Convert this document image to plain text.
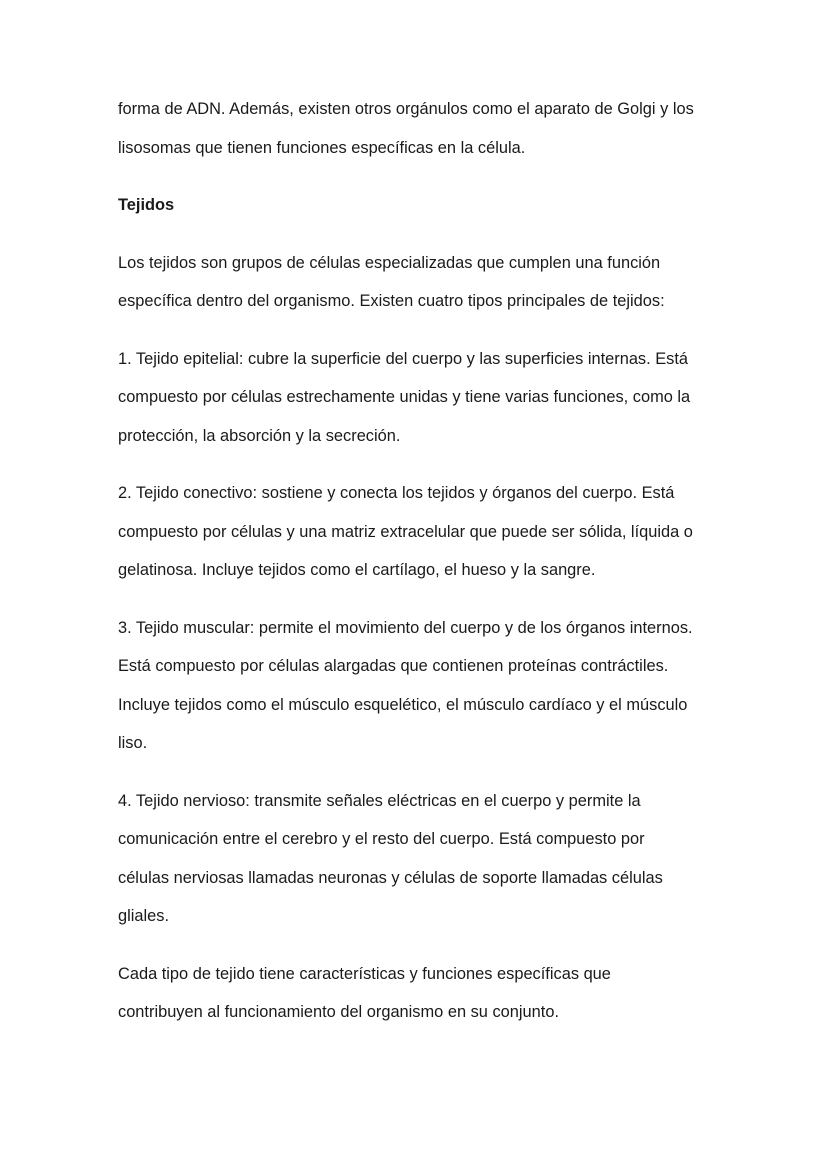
forma de ADN. Además, existen otros orgánulos como el aparato de Golgi y los
lisosomas que tienen funciones específicas en la célula.

Tejidos

Los tejidos son grupos de células especializadas que cumplen una función
específica dentro del organismo. Existen cuatro tipos principales de tejidos:

1. Tejido epitelial: cubre la superficie del cuerpo y las superficies internas. Está
compuesto por células estrechamente unidas y tiene varias funciones, como la
protección, la absorción y la secreción.

2. Tejido conectivo: sostiene y conecta los tejidos y órganos del cuerpo. Está
compuesto por células y una matriz extracelular que puede ser sólida, líquida o
gelatinosa. Incluye tejidos como el cartílago, el hueso y la sangre.

3. Tejido muscular: permite el movimiento del cuerpo y de los órganos internos.
Está compuesto por células alargadas que contienen proteínas contráctiles.
Incluye tejidos como el músculo esquelético, el músculo cardíaco y el músculo
liso.

4. Tejido nervioso: transmite señales eléctricas en el cuerpo y permite la
comunicación entre el cerebro y el resto del cuerpo. Está compuesto por
células nerviosas llamadas neuronas y células de soporte llamadas células
gliales.

Cada tipo de tejido tiene características y funciones específicas que
contribuyen al funcionamiento del organismo en su conjunto.
